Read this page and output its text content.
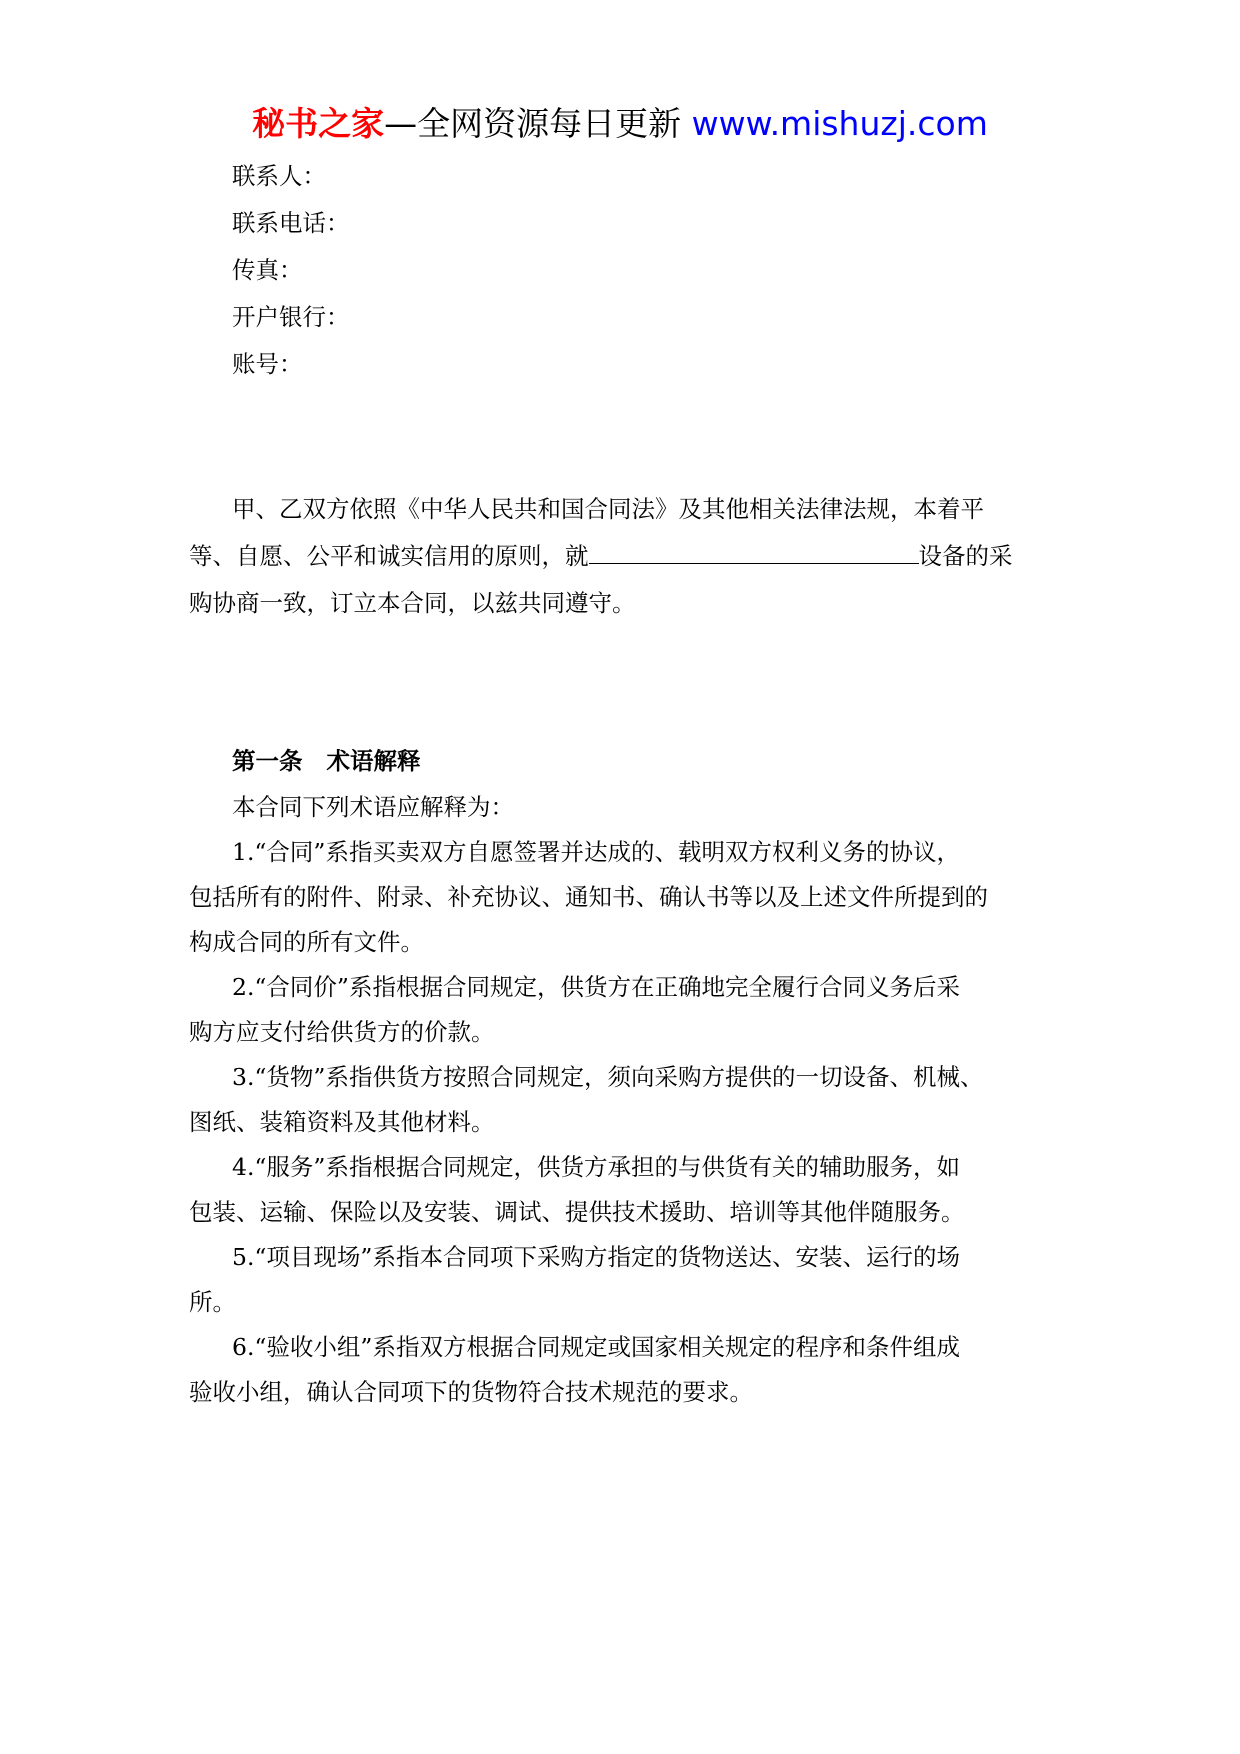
秘书之家—全网资源每日更新 www.mishuzj.com
联系人：
联系电话：
传真：
开户银行：
账号：
甲、乙双方依照《中华人民共和国合同法》及其他相关法律法规，本着平
等、自愿、公平和诚实信用的原则，就	设备的采
购协商一致，订立本合同，以兹共同遵守。
第一条 术语解释
本合同下列术语应解释为：
1.“合同”系指买卖双方自愿签署并达成的、载明双方权利义务的协议，
包括所有的附件、附录、补充协议、通知书、确认书等以及上述文件所提到的
构成合同的所有文件。
2.“合同价”系指根据合同规定，供货方在正确地完全履行合同义务后采
购方应支付给供货方的价款。
3.“货物”系指供货方按照合同规定，须向采购方提供的一切设备、机械、
图纸、装箱资料及其他材料。
4.“服务”系指根据合同规定，供货方承担的与供货有关的辅助服务，如
包装、运输、保险以及安装、调试、提供技术援助、培训等其他伴随服务。
5.“项目现场”系指本合同项下采购方指定的货物送达、安装、运行的场
所。
6.“验收小组”系指双方根据合同规定或国家相关规定的程序和条件组成
验收小组，确认合同项下的货物符合技术规范的要求。
